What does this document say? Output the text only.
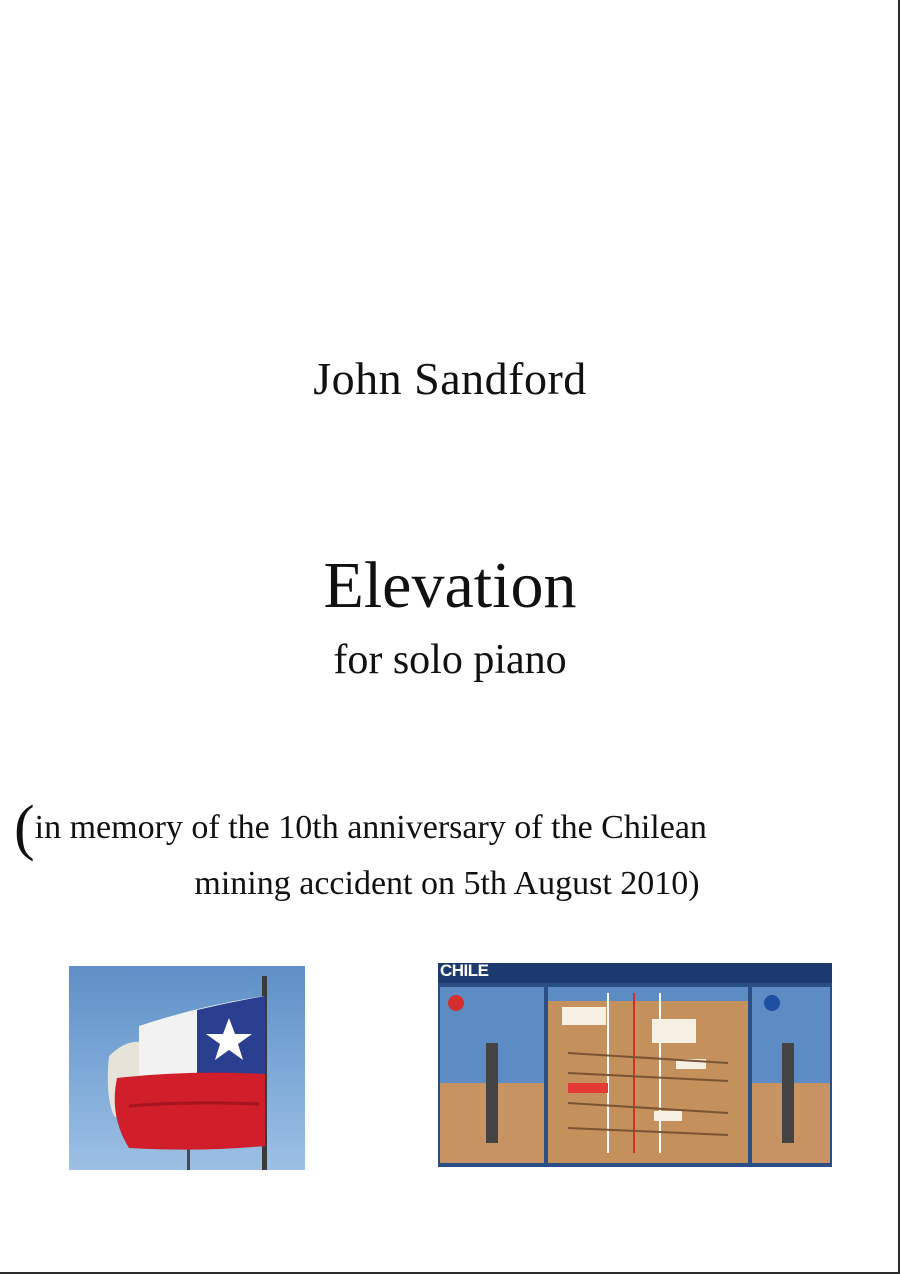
John Sandford
Elevation
for solo piano
(in memory of the 10th anniversary of the Chilean
mining accident on 5th August 2010)
CHILE
